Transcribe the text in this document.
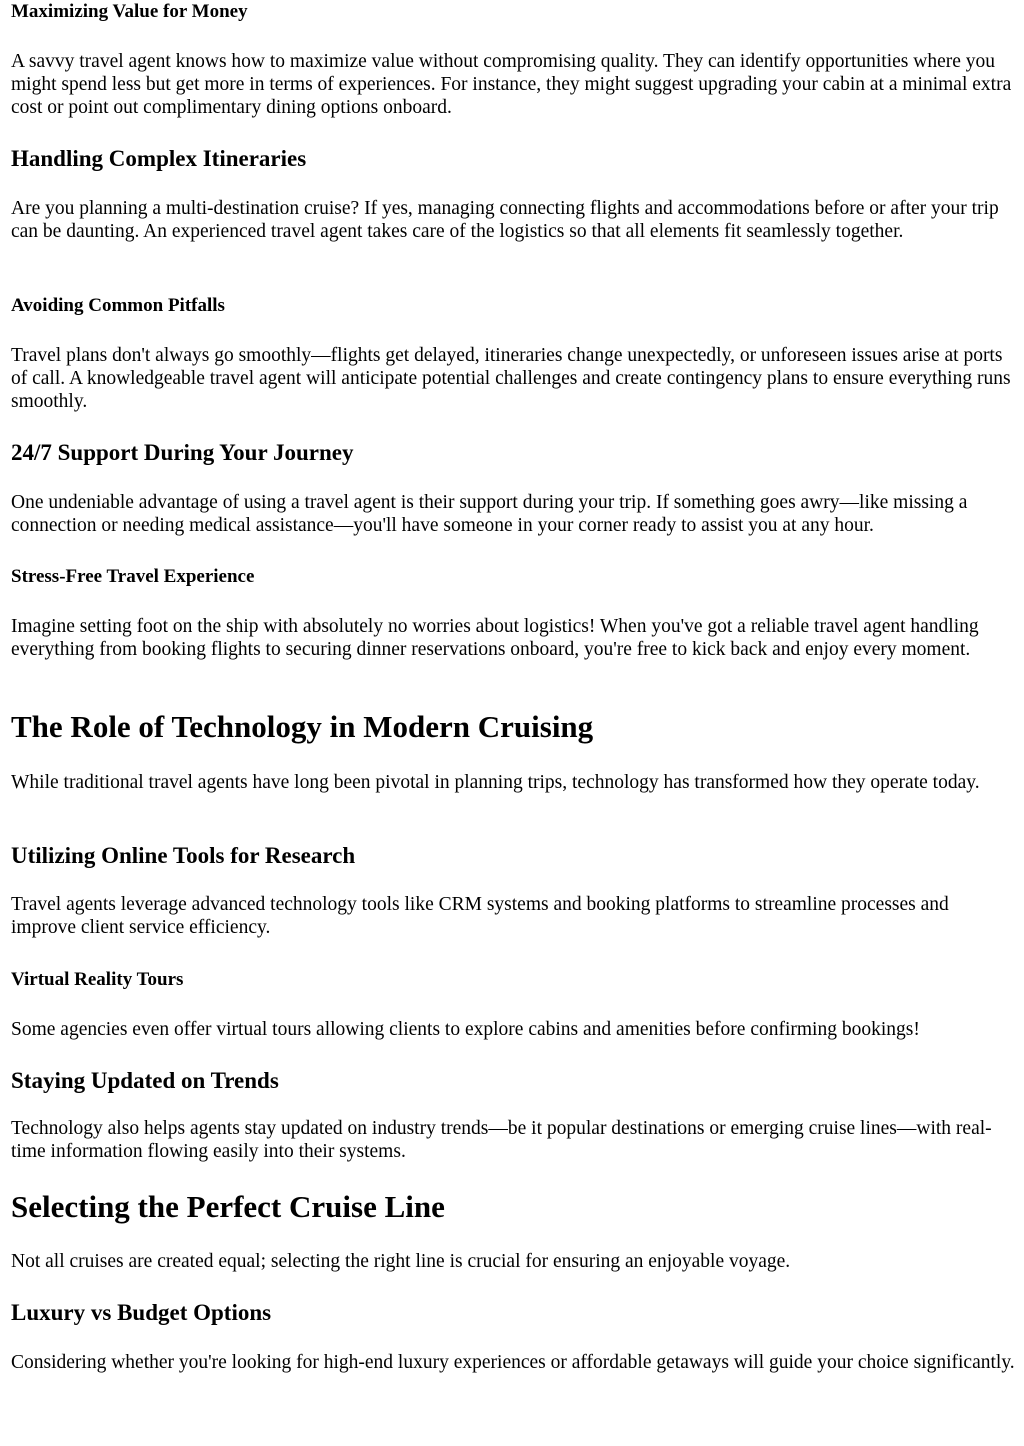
Maximizing Value for Money

A savvy travel agent knows how to maximize value without compromising quality. They can identify opportunities where you might spend less but get more in terms of experiences. For instance, they might suggest upgrading your cabin at a minimal extra cost or point out complimentary dining options onboard.

Handling Complex Itineraries

Are you planning a multi-destination cruise? If yes, managing connecting flights and accommodations before or after your trip can be daunting. An experienced travel agent takes care of the logistics so that all elements fit seamlessly together.

Avoiding Common Pitfalls

Travel plans don't always go smoothly—flights get delayed, itineraries change unexpectedly, or unforeseen issues arise at ports of call. A knowledgeable travel agent will anticipate potential challenges and create contingency plans to ensure everything runs smoothly.

24/7 Support During Your Journey

One undeniable advantage of using a travel agent is their support during your trip. If something goes awry—like missing a connection or needing medical assistance—you'll have someone in your corner ready to assist you at any hour.

Stress-Free Travel Experience

Imagine setting foot on the ship with absolutely no worries about logistics! When you've got a reliable travel agent handling everything from booking flights to securing dinner reservations onboard, you're free to kick back and enjoy every moment.

The Role of Technology in Modern Cruising

While traditional travel agents have long been pivotal in planning trips, technology has transformed how they operate today.

Utilizing Online Tools for Research

Travel agents leverage advanced technology tools like CRM systems and booking platforms to streamline processes and improve client service efficiency.

Virtual Reality Tours

Some agencies even offer virtual tours allowing clients to explore cabins and amenities before confirming bookings!

Staying Updated on Trends

Technology also helps agents stay updated on industry trends—be it popular destinations or emerging cruise lines—with real-time information flowing easily into their systems.

Selecting the Perfect Cruise Line

Not all cruises are created equal; selecting the right line is crucial for ensuring an enjoyable voyage.

Luxury vs Budget Options

Considering whether you're looking for high-end luxury experiences or affordable getaways will guide your choice significantly.
